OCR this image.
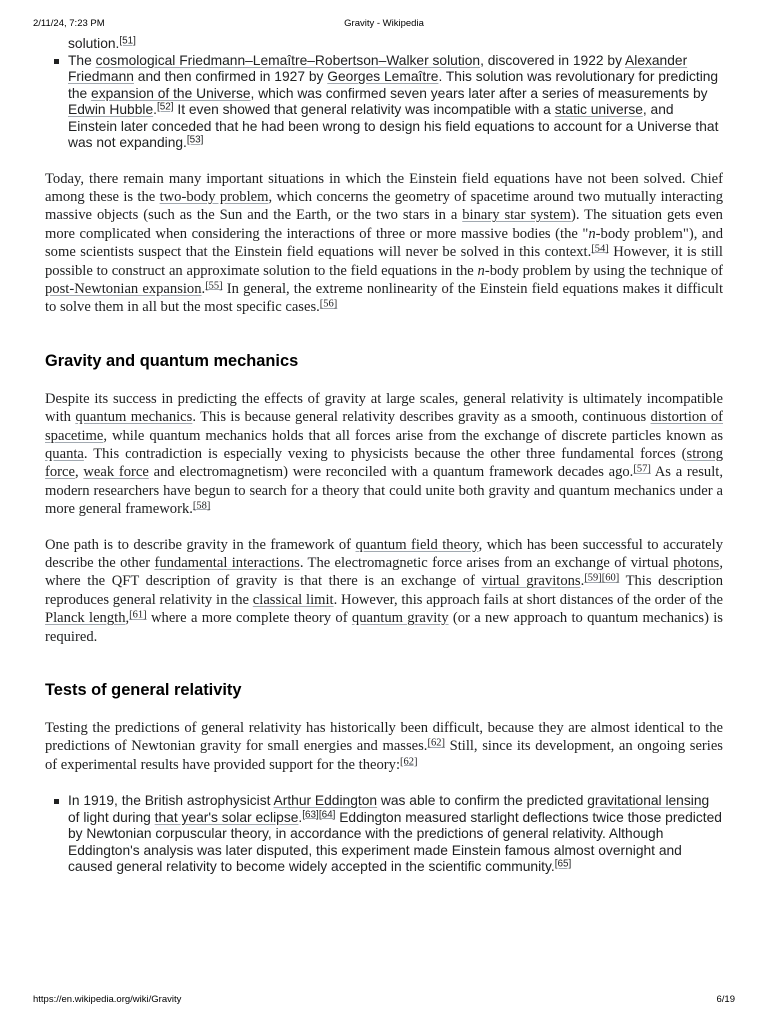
2/11/24, 7:23 PM	Gravity - Wikipedia
solution.[51]
The cosmological Friedmann–Lemaître–Robertson–Walker solution, discovered in 1922 by Alexander Friedmann and then confirmed in 1927 by Georges Lemaître. This solution was revolutionary for predicting the expansion of the Universe, which was confirmed seven years later after a series of measurements by Edwin Hubble.[52] It even showed that general relativity was incompatible with a static universe, and Einstein later conceded that he had been wrong to design his field equations to account for a Universe that was not expanding.[53]

Today, there remain many important situations in which the Einstein field equations have not been solved. Chief among these is the two-body problem, which concerns the geometry of spacetime around two mutually interacting massive objects (such as the Sun and the Earth, or the two stars in a binary star system). The situation gets even more complicated when considering the interactions of three or more massive bodies (the "n-body problem"), and some scientists suspect that the Einstein field equations will never be solved in this context.[54] However, it is still possible to construct an approximate solution to the field equations in the n-body problem by using the technique of post-Newtonian expansion.[55] In general, the extreme nonlinearity of the Einstein field equations makes it difficult to solve them in all but the most specific cases.[56]

Gravity and quantum mechanics

Despite its success in predicting the effects of gravity at large scales, general relativity is ultimately incompatible with quantum mechanics. This is because general relativity describes gravity as a smooth, continuous distortion of spacetime, while quantum mechanics holds that all forces arise from the exchange of discrete particles known as quanta. This contradiction is especially vexing to physicists because the other three fundamental forces (strong force, weak force and electromagnetism) were reconciled with a quantum framework decades ago.[57] As a result, modern researchers have begun to search for a theory that could unite both gravity and quantum mechanics under a more general framework.[58]

One path is to describe gravity in the framework of quantum field theory, which has been successful to accurately describe the other fundamental interactions. The electromagnetic force arises from an exchange of virtual photons, where the QFT description of gravity is that there is an exchange of virtual gravitons.[59][60] This description reproduces general relativity in the classical limit. However, this approach fails at short distances of the order of the Planck length,[61] where a more complete theory of quantum gravity (or a new approach to quantum mechanics) is required.

Tests of general relativity

Testing the predictions of general relativity has historically been difficult, because they are almost identical to the predictions of Newtonian gravity for small energies and masses.[62] Still, since its development, an ongoing series of experimental results have provided support for the theory:[62]

In 1919, the British astrophysicist Arthur Eddington was able to confirm the predicted gravitational lensing of light during that year's solar eclipse.[63][64] Eddington measured starlight deflections twice those predicted by Newtonian corpuscular theory, in accordance with the predictions of general relativity. Although Eddington's analysis was later disputed, this experiment made Einstein famous almost overnight and caused general relativity to become widely accepted in the scientific community.[65]
https://en.wikipedia.org/wiki/Gravity	6/19
